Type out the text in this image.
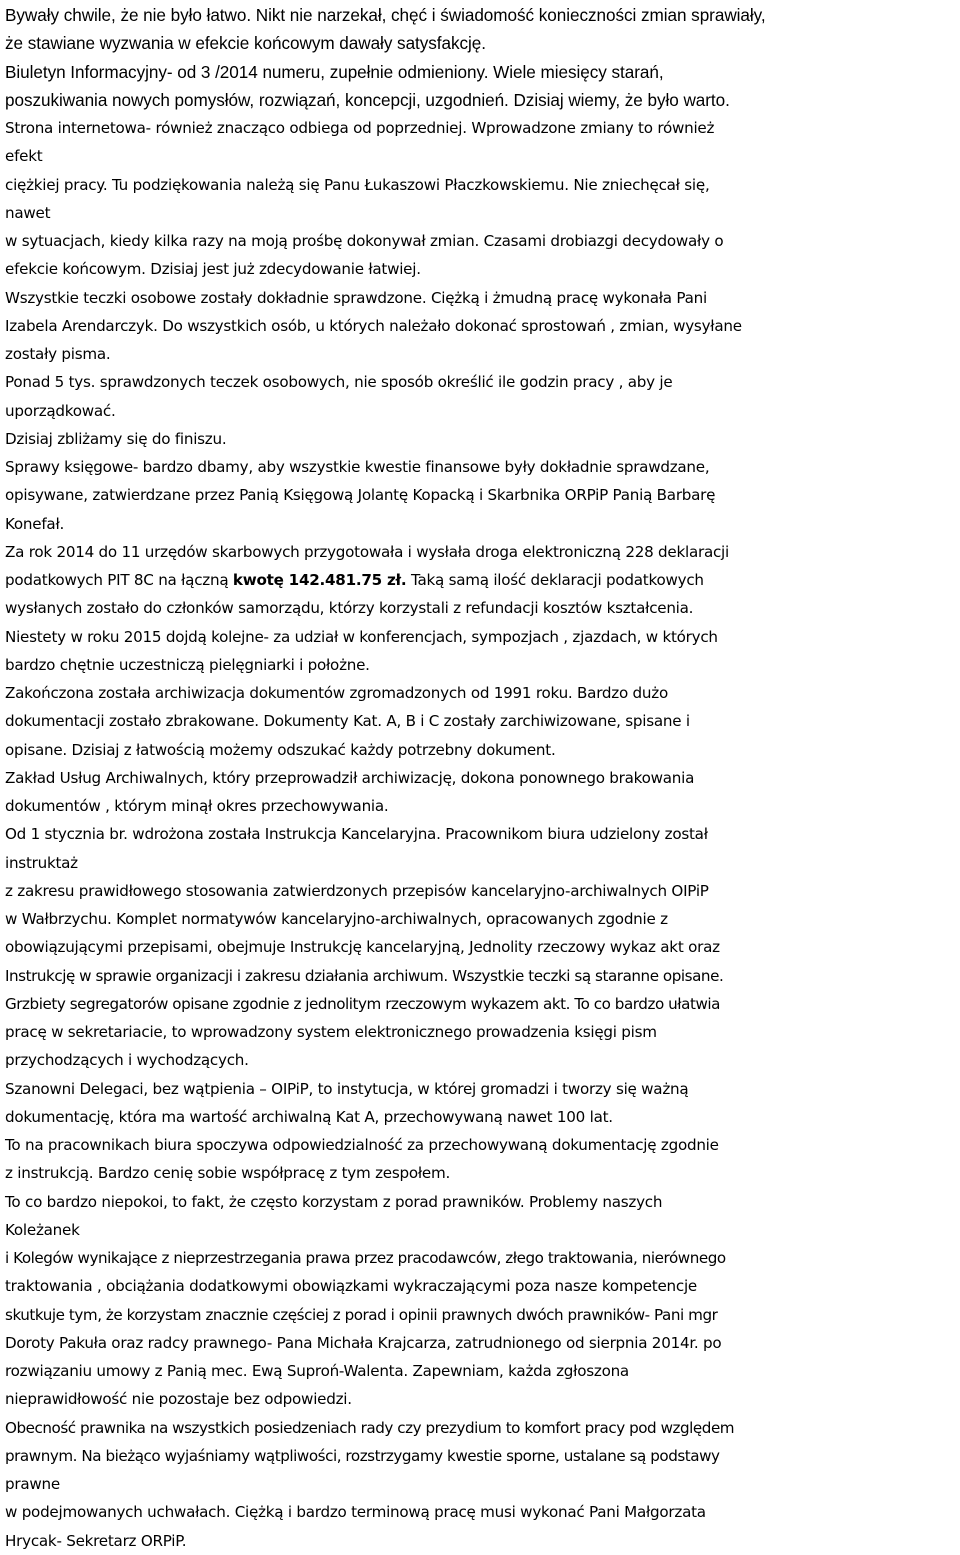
Bywały chwile, że nie było łatwo. Nikt nie narzekał, chęć i świadomość konieczności zmian sprawiały,
że stawiane wyzwania w efekcie końcowym dawały satysfakcję.
Biuletyn Informacyjny- od 3 /2014 numeru, zupełnie odmieniony. Wiele miesięcy starań,
poszukiwania nowych pomysłów, rozwiązań, koncepcji, uzgodnień. Dzisiaj wiemy, że było warto.
Strona internetowa- również znacząco odbiega od poprzedniej. Wprowadzone zmiany to również
efekt
ciężkiej pracy. Tu podziękowania należą się Panu Łukaszowi Płaczkowskiemu. Nie zniechęcał się,
nawet
w sytuacjach, kiedy kilka razy na moją prośbę dokonywał zmian. Czasami drobiazgi decydowały o
efekcie końcowym. Dzisiaj jest już zdecydowanie łatwiej.
Wszystkie teczki osobowe zostały dokładnie sprawdzone. Ciężką i żmudną pracę wykonała Pani
Izabela Arendarczyk. Do wszystkich osób, u których należało dokonać sprostowań , zmian, wysyłane
zostały pisma.
Ponad 5 tys. sprawdzonych teczek osobowych, nie sposób określić ile godzin pracy , aby je
uporządkować.
Dzisiaj zbliżamy się do finiszu.
Sprawy księgowe- bardzo dbamy, aby wszystkie kwestie finansowe były dokładnie sprawdzane,
opisywane, zatwierdzane przez Panią Księgową Jolantę Kopacką i Skarbnika ORPiP Panią Barbarę
Konefał.
Za rok 2014 do 11 urzędów skarbowych przygotowała i wysłała droga elektroniczną 228 deklaracji
podatkowych PIT 8C na łączną kwotę 142.481.75 zł. Taką samą ilość deklaracji podatkowych
wysłanych zostało do członków samorządu, którzy korzystali z refundacji kosztów kształcenia.
Niestety w roku 2015 dojdą kolejne- za udział w konferencjach, sympozjach , zjazdach, w których
bardzo chętnie uczestniczą pielęgniarki i położne.
Zakończona została archiwizacja dokumentów zgromadzonych od 1991 roku. Bardzo dużo
dokumentacji zostało zbrakowane. Dokumenty Kat. A, B i C zostały zarchiwizowane, spisane i
opisane. Dzisiaj z łatwością możemy odszukać każdy potrzebny dokument.
Zakład Usług Archiwalnych, który przeprowadził archiwizację, dokona ponownego brakowania
dokumentów , którym minął okres przechowywania.
Od 1 stycznia br. wdrożona została Instrukcja Kancelaryjna. Pracownikom biura udzielony został
instruktaż
z zakresu prawidłowego stosowania zatwierdzonych przepisów kancelaryjno-archiwalnych OIPiP
w Wałbrzychu. Komplet normatywów kancelaryjno-archiwalnych, opracowanych zgodnie z
obowiązującymi przepisami, obejmuje Instrukcję kancelaryjną, Jednolity rzeczowy wykaz akt oraz
Instrukcję w sprawie organizacji i zakresu działania archiwum. Wszystkie teczki są staranne opisane.
Grzbiety segregatorów opisane zgodnie z jednolitym rzeczowym wykazem akt. To co bardzo ułatwia
pracę w sekretariacie, to wprowadzony system elektronicznego prowadzenia księgi pism
przychodzących i wychodzących.
Szanowni Delegaci, bez wątpienia – OIPiP, to instytucja, w której gromadzi i tworzy się ważną
dokumentację, która ma wartość archiwalną Kat A, przechowywaną nawet 100 lat.
To na pracownikach biura spoczywa odpowiedzialność za przechowywaną dokumentację zgodnie
z instrukcją. Bardzo cenię sobie współpracę z tym zespołem.
To co bardzo niepokoi, to fakt, że często korzystam z porad prawników. Problemy naszych
Koleżanek
i Kolegów wynikające z nieprzestrzegania prawa przez pracodawców, złego traktowania, nierównego
traktowania , obciążania dodatkowymi obowiązkami wykraczającymi poza nasze kompetencje
skutkuje tym, że korzystam znacznie częściej z porad i opinii prawnych dwóch prawników- Pani mgr
Doroty Pakuła oraz radcy prawnego- Pana Michała Krajcarza, zatrudnionego od sierpnia 2014r. po
rozwiązaniu umowy z Panią mec. Ewą Suproń-Walenta. Zapewniam, każda zgłoszona
nieprawidłowość nie pozostaje bez odpowiedzi.
Obecność prawnika na wszystkich posiedzeniach rady czy prezydium to komfort pracy pod względem
prawnym. Na bieżąco wyjaśniamy wątpliwości, rozstrzygamy kwestie sporne, ustalane są podstawy
prawne
w podejmowanych uchwałach. Ciężką i bardzo terminową pracę musi wykonać Pani Małgorzata
Hrycak- Sekretarz ORPiP.
